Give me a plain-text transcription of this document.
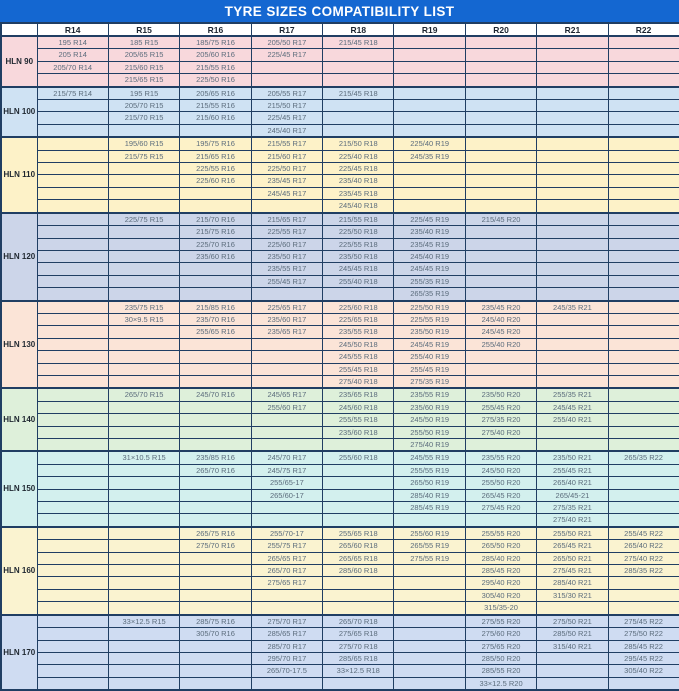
TYRE SIZES COMPATIBILITY LIST
	R14	R15	R16	R17	R18	R19	R20	R21	R22
HLN 90	195 R14	185 R15	185/75 R16	205/50 R17	215/45 R18				
	205 R14	205/65 R15	205/60 R16	225/45 R17					
	205/70 R14	215/60 R15	215/55 R16						
		215/65 R15	225/50 R16						
HLN 100	215/75 R14	195 R15	205/65 R16	205/55 R17	215/45 R18				
		205/70 R15	215/55 R16	215/50 R17					
		215/70 R15	215/60 R16	225/45 R17					
				245/40 R17					
HLN 110		195/60 R15	195/75 R16	215/55 R17	215/50 R18	225/40 R19			
		215/75 R15	215/65 R16	215/60 R17	225/40 R18	245/35 R19			
			225/55 R16	225/50 R17	225/45 R18				
			225/60 R16	235/45 R17	235/40 R18				
				245/45 R17	235/45 R18				
					245/40 R18				
HLN 120		225/75 R15	215/70 R16	215/65 R17	215/55 R18	225/45 R19	215/45 R20		
			215/75 R16	225/55 R17	225/50 R18	235/40 R19			
			225/70 R16	225/60 R17	225/55 R18	235/45 R19			
			235/60 R16	235/50 R17	235/50 R18	245/40 R19			
				235/55 R17	245/45 R18	245/45 R19			
				255/45 R17	255/40 R18	255/35 R19			
						265/35 R19			
HLN 130		235/75 R15	215/85 R16	225/65 R17	225/60 R18	225/50 R19	235/45 R20	245/35 R21	
		30×9.5 R15	235/70 R16	235/60 R17	225/65 R18	225/55 R19	245/40 R20		
			255/65 R16	235/65 R17	235/55 R18	235/50 R19	245/45 R20		
					245/50 R18	245/45 R19	255/40 R20		
					245/55 R18	255/40 R19			
					255/45 R18	255/45 R19			
					275/40 R18	275/35 R19			
HLN 140		265/70 R15	245/70 R16	245/65 R17	235/65 R18	235/55 R19	235/50 R20	255/35 R21	
				255/60 R17	245/60 R18	235/60 R19	255/45 R20	245/45 R21	
					255/55 R18	245/50 R19	275/35 R20	255/40 R21	
					235/60 R18	255/50 R19	275/40 R20		
						275/40 R19			
HLN 150		31×10.5 R15	235/85 R16	245/70 R17	255/60 R18	245/55 R19	235/55 R20	235/50 R21	265/35 R22
			265/70 R16	245/75 R17		255/55 R19	245/50 R20	255/45 R21	
				255/65-17		265/50 R19	255/50 R20	265/40 R21	
				265/60-17		285/40 R19	265/45 R20	265/45-21	
						285/45 R19	275/45 R20	275/35 R21	
								275/40 R21	
HLN 160			265/75 R16	255/70-17	255/65 R18	255/60 R19	255/55 R20	255/50 R21	255/45 R22
			275/70 R16	255/75 R17	265/60 R18	265/55 R19	265/50 R20	265/45 R21	265/40 R22
				265/65 R17	265/65 R18	275/55 R19	285/40 R20	265/50 R21	275/40 R22
				265/70 R17	285/60 R18		285/45 R20	275/45 R21	285/35 R22
				275/65 R17			295/40 R20	285/40 R21	
							305/40 R20	315/30 R21	
							315/35-20		
HLN 170		33×12.5 R15	285/75 R16	275/70 R17	265/70 R18		275/55 R20	275/50 R21	275/45 R22
			305/70 R16	285/65 R17	275/65 R18		275/60 R20	285/50 R21	275/50 R22
				285/70 R17	275/70 R18		275/65 R20	315/40 R21	285/45 R22
				295/70 R17	285/65 R18		285/50 R20		295/45 R22
				265/70-17.5	33×12.5 R18		285/55 R20		305/40 R22
							33×12.5 R20		
